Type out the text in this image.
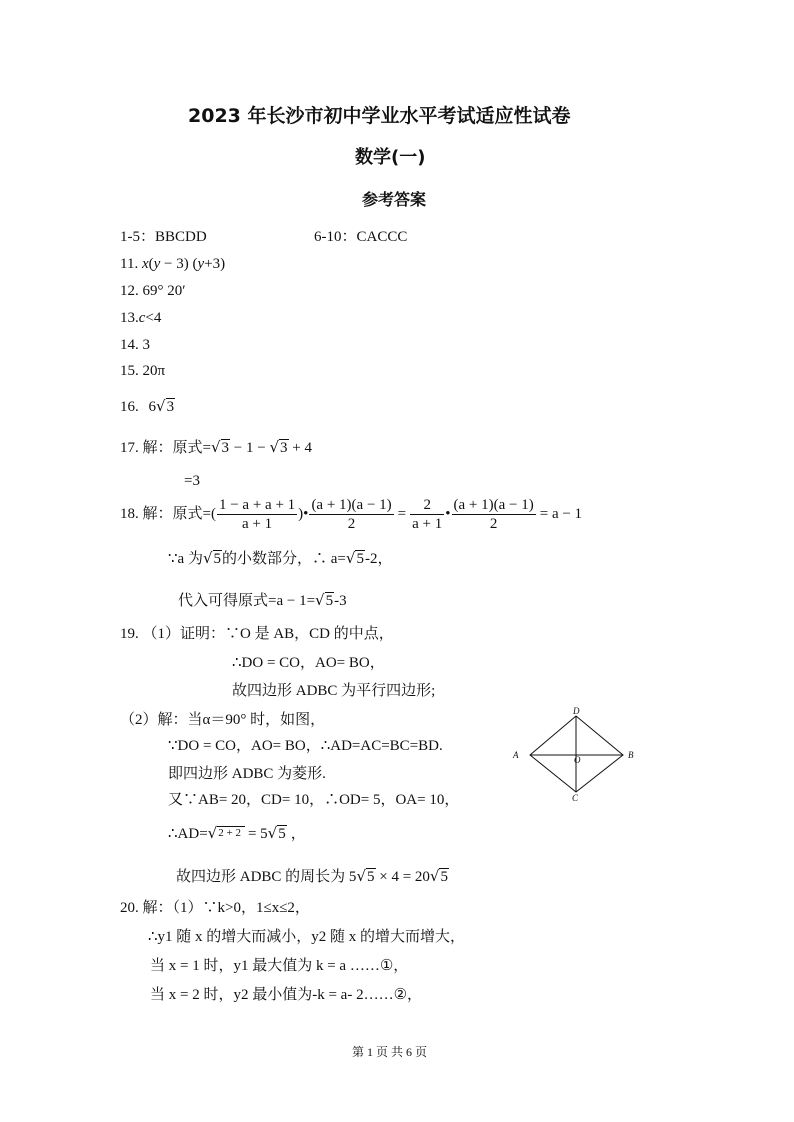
2023 年长沙市初中学业水平考试适应性试卷
数学(一)
参考答案
1-5：BBCDD	6-10：CACCC
11. x(y − 3) (y+3)
12. 69° 20′
13.c<4
14. 3
15. 20π
16. 6√3
17. 解：原式=√3 − 1 − √3 + 4
=3
18. 解：原式=( $\frac{1 - a + a + 1}{a + 1}$ )• $\frac{(a + 1)(a - 1)}{2} = \frac{2}{a + 1}$ • $\frac{(a + 1)(a - 1)}{2} = a - 1$
∵a 为√5的小数部分，∴ a=√5-2，
代入可得原式=a − 1=√5-3
19. （1）证明：∵O 是 AB，CD 的中点，
∴DO = CO，AO= BO，
故四边形 ADBC 为平行四边形;
（2）解：当α＝90° 时，如图，
∵DO = CO，AO= BO，∴AD=AC=BC=BD.
即四边形 ADBC 为菱形.
又∵AB= 20，CD= 10，∴OD= 5，OA= 10，
∴AD=√$^{2 + 2}$ = 5√5 ，
故四边形 ADBC 的周长为 5√5 × 4 = 20√5
D
A	O	B
C
20. 解：（1）∵k>0，1≤x≤2，
∴y1 随 x 的增大而减小，y2 随 x 的增大而增大，
当 x = 1 时，y1 最大值为 k = a ……①，
当 x = 2 时，y2 最小值为-k = a- 2……②，
第 1 页 共 6 页
